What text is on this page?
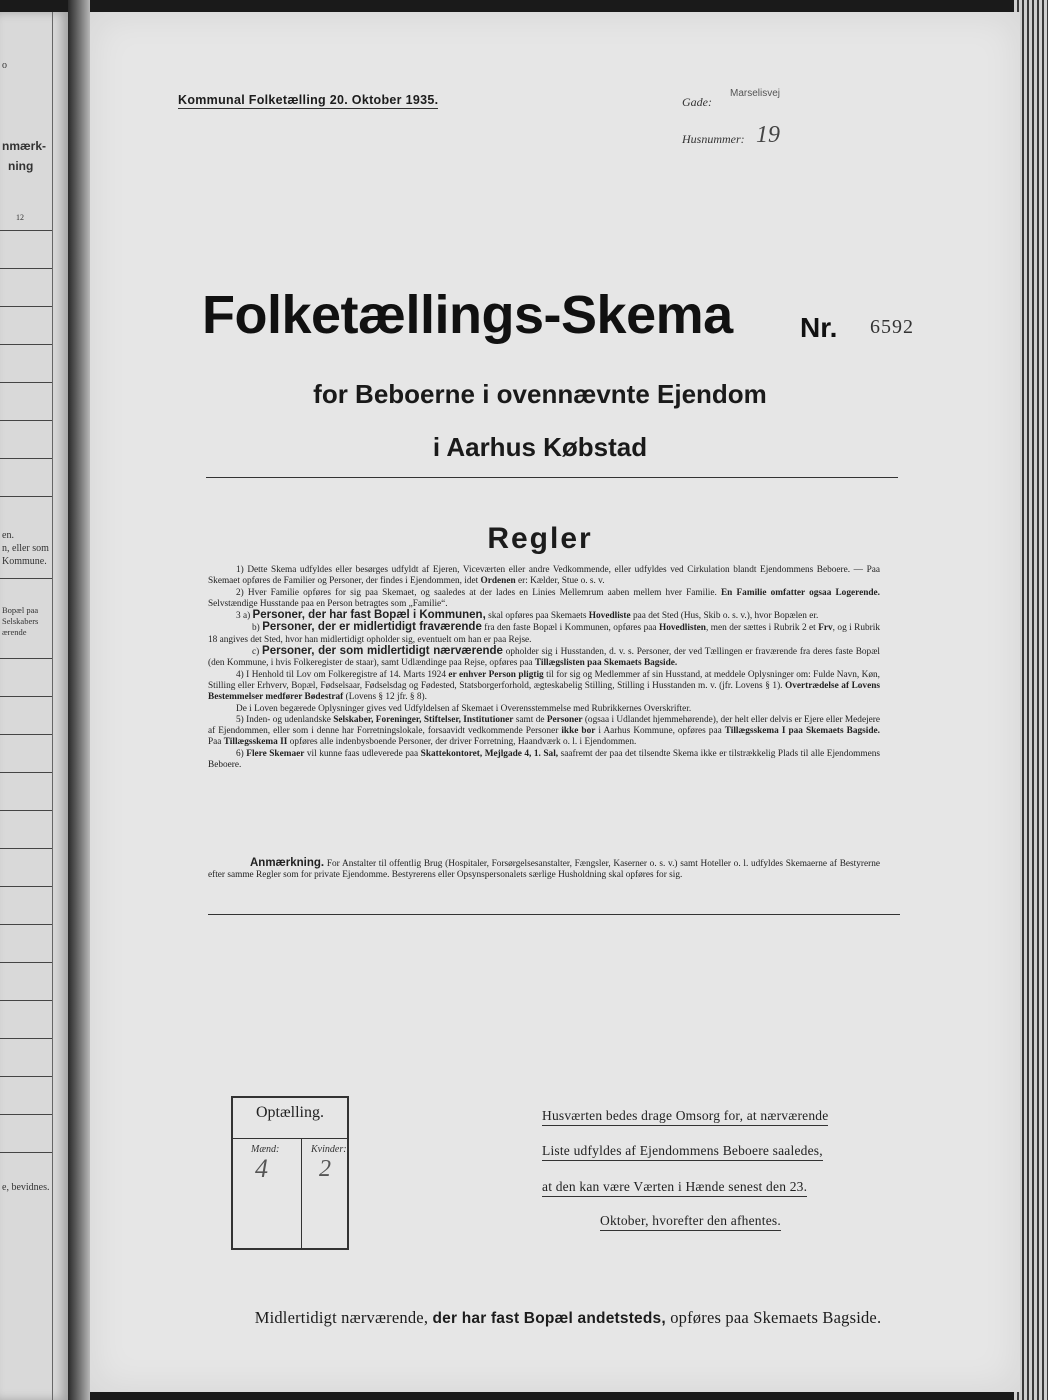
o
nmærk-
ning
12
en.
n, eller som
Kommune.
Bopæl paa
Selskabers
ærende
e, bevidnes.
Kommunal Folketælling 20. Oktober 1935.	Gade:
Marselisvej
Husnummer: 19
Folketællings-Skema Nr. 6592
for Beboerne i ovennævnte Ejendom
i Aarhus Købstad
Regler

1) Dette Skema udfyldes eller besørges udfyldt af Ejeren, Viceværten eller andre Vedkommende, eller udfyldes ved Cirkulation blandt Ejendommens Beboere. — Paa Skemaet opføres de Familier og Personer, der findes i Ejendommen, idet Ordenen er: Kælder, Stue o. s. v.

2) Hver Familie opføres for sig paa Skemaet, og saaledes at der lades en Linies Mellemrum aaben mellem hver Familie. En Familie omfatter ogsaa Logerende. Selvstændige Husstande paa en Person betragtes som „Familie“.

3 a) Personer, der har fast Bopæl i Kommunen, skal opføres paa Skemaets Hovedliste paa det Sted (Hus, Skib o. s. v.), hvor Bopælen er.

b) Personer, der er midlertidigt fraværende fra den faste Bopæl i Kommunen, opføres paa Hovedlisten, men der sættes i Rubrik 2 et Frv, og i Rubrik 18 angives det Sted, hvor han midlertidigt opholder sig, eventuelt om han er paa Rejse.

c) Personer, der som midlertidigt nærværende opholder sig i Husstanden, d. v. s. Personer, der ved Tællingen er fraværende fra deres faste Bopæl (den Kommune, i hvis Folkeregister de staar), samt Udlændinge paa Rejse, opføres paa Tillægslisten paa Skemaets Bagside.

4) I Henhold til Lov om Folkeregistre af 14. Marts 1924 er enhver Person pligtig til for sig og Medlemmer af sin Husstand, at meddele Oplysninger om: Fulde Navn, Køn, Stilling eller Erhverv, Bopæl, Fødselsaar, Fødselsdag og Fødested, Statsborgerforhold, ægteskabelig Stilling, Stilling i Husstanden m. v. (jfr. Lovens § 1). Overtrædelse af Lovens Bestemmelser medfører Bødestraf (Lovens § 12 jfr. § 8).

De i Loven begærede Oplysninger gives ved Udfyldelsen af Skemaet i Overensstemmelse med Rubrikkernes Overskrifter.

5) Inden- og udenlandske Selskaber, Foreninger, Stiftelser, Institutioner samt de Personer (ogsaa i Udlandet hjemmehørende), der helt eller delvis er Ejere eller Medejere af Ejendommen, eller som i denne har Forretningslokale, forsaavidt vedkommende Personer ikke bor i Aarhus Kommune, opføres paa Tillægsskema I paa Skemaets Bagside. Paa Tillægsskema II opføres alle indenbysboende Personer, der driver Forretning, Haandværk o. l. i Ejendommen.

6) Flere Skemaer vil kunne faas udleverede paa Skattekontoret, Mejlgade 4, 1. Sal, saafremt der paa det tilsendte Skema ikke er tilstrækkelig Plads til alle Ejendommens Beboere.

Anmærkning. For Anstalter til offentlig Brug (Hospitaler, Forsørgelsesanstalter, Fængsler, Kaserner o. s. v.) samt Hoteller o. l. udfyldes Skemaerne af Bestyrerne efter samme Regler som for private Ejendomme. Bestyrerens eller Opsynspersonalets særlige Husholdning skal opføres for sig.
Optælling.
Mænd:	Kvinder:
4 2
Husværten bedes drage Omsorg for, at nærværende
Liste udfyldes af Ejendommens Beboere saaledes,
at den kan være Værten i Hænde senest den 23.
Oktober, hvorefter den afhentes.
Midlertidigt nærværende, der har fast Bopæl andetsteds, opføres paa Skemaets Bagside.
